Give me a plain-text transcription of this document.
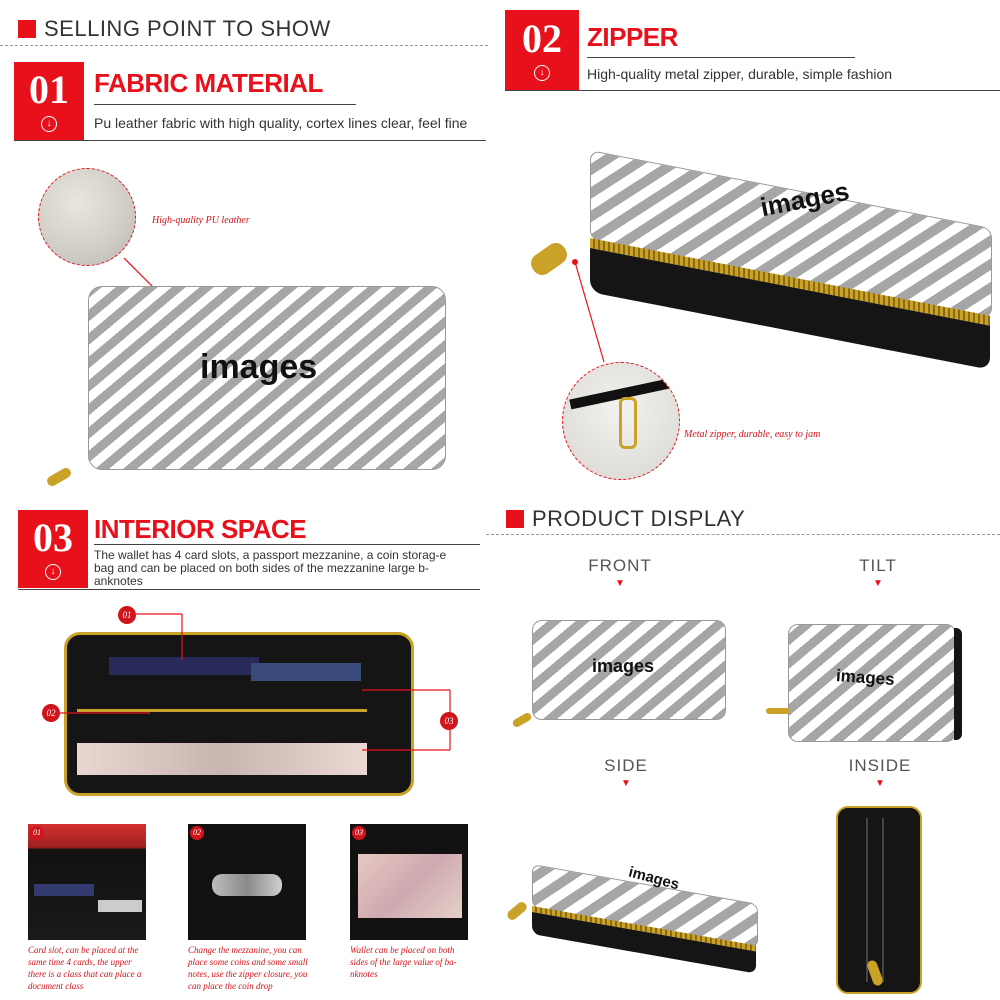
SELLING POINT TO SHOW
01
↓
FABRIC MATERIAL
Pu leather fabric with high quality, cortex lines clear, feel fine
High-quality PU leather
images
02
↓
ZIPPER
High-quality metal zipper, durable, simple fashion
images
Metal zipper, durable, easy to jam
03
↓
INTERIOR SPACE
The wallet has 4 card slots, a passport mezzanine, a coin storag-e bag and can be placed on both sides of the mezzanine large b-anknotes
01
02
03
01	02	03
Card slot, can be placed at the same time 4 cards, the upper there is a class that can place a document class
Change the mezzanine, you can place some coins and some small notes, use the zipper closure, you can place the coin drop
Wallet can be placed on both sides of the large value of ba-nknotes
PRODUCT DISPLAY
FRONT
▼
images
TILT
▼
images
SIDE
▼
images
INSIDE
▼
